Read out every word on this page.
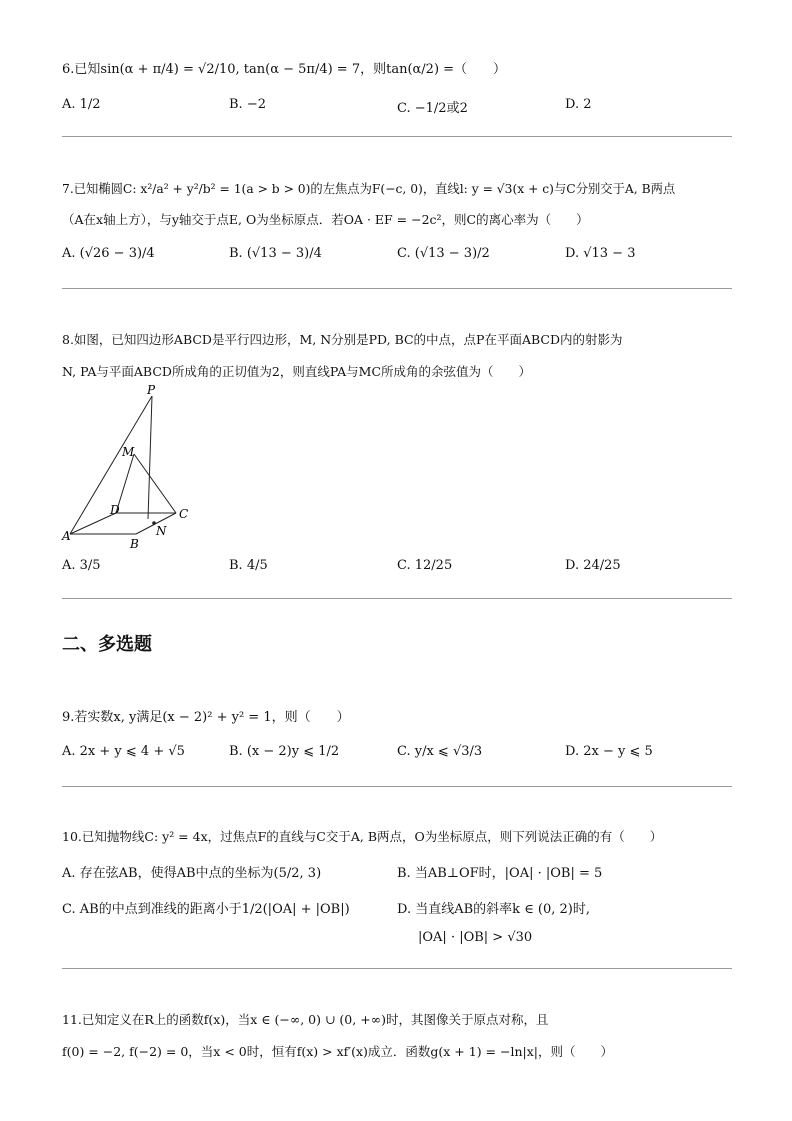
6.已知sin(α + π/4) = √2/10, tan(α − 5π/4) = 7，则tan(α/2) =（　　）
A. 1/2	B. −2	C. −1/2或2	D. 2
7.已知椭圆C: x²/a² + y²/b² = 1(a > b > 0)的左焦点为F(−c, 0)，直线l: y = √3(x + c)与C分别交于A, B两点
（A在x轴上方），与y轴交于点E, O为坐标原点．若OA · EF = −2c²，则C的离心率为（　　）
A. (√26 − 3)/4	B. (√13 − 3)/4	C. (√13 − 3)/2	D. √13 − 3
8.如图，已知四边形ABCD是平行四边形，M, N分别是PD, BC的中点，点P在平面ABCD内的射影为
N, PA与平面ABCD所成角的正切值为2，则直线PA与MC所成角的余弦值为（　　）
P
M
D	C
A
B
N
A. 3/5	B. 4/5	C. 12/25	D. 24/25
二、多选题
9.若实数x, y满足(x − 2)² + y² = 1，则（　　）
A. 2x + y ⩽ 4 + √5	B. (x − 2)y ⩽ 1/2	C. y/x ⩽ √3/3	D. 2x − y ⩽ 5
10.已知抛物线C: y² = 4x，过焦点F的直线与C交于A, B两点，O为坐标原点，则下列说法正确的有（　　）
A. 存在弦AB，使得AB中点的坐标为(5/2, 3)	B. 当AB⊥OF时，|OA| · |OB| = 5
C. AB的中点到准线的距离小于1/2(|OA| + |OB|)	D. 当直线AB的斜率k ∈ (0, 2)时,
|OA| · |OB| > √30
11.已知定义在R上的函数f(x)，当x ∈ (−∞, 0) ∪ (0, +∞)时，其图像关于原点对称，且
f(0) = −2, f(−2) = 0，当x < 0时，恒有f(x) > xf′(x)成立．函数g(x + 1) = −ln|x|，则（　　）
